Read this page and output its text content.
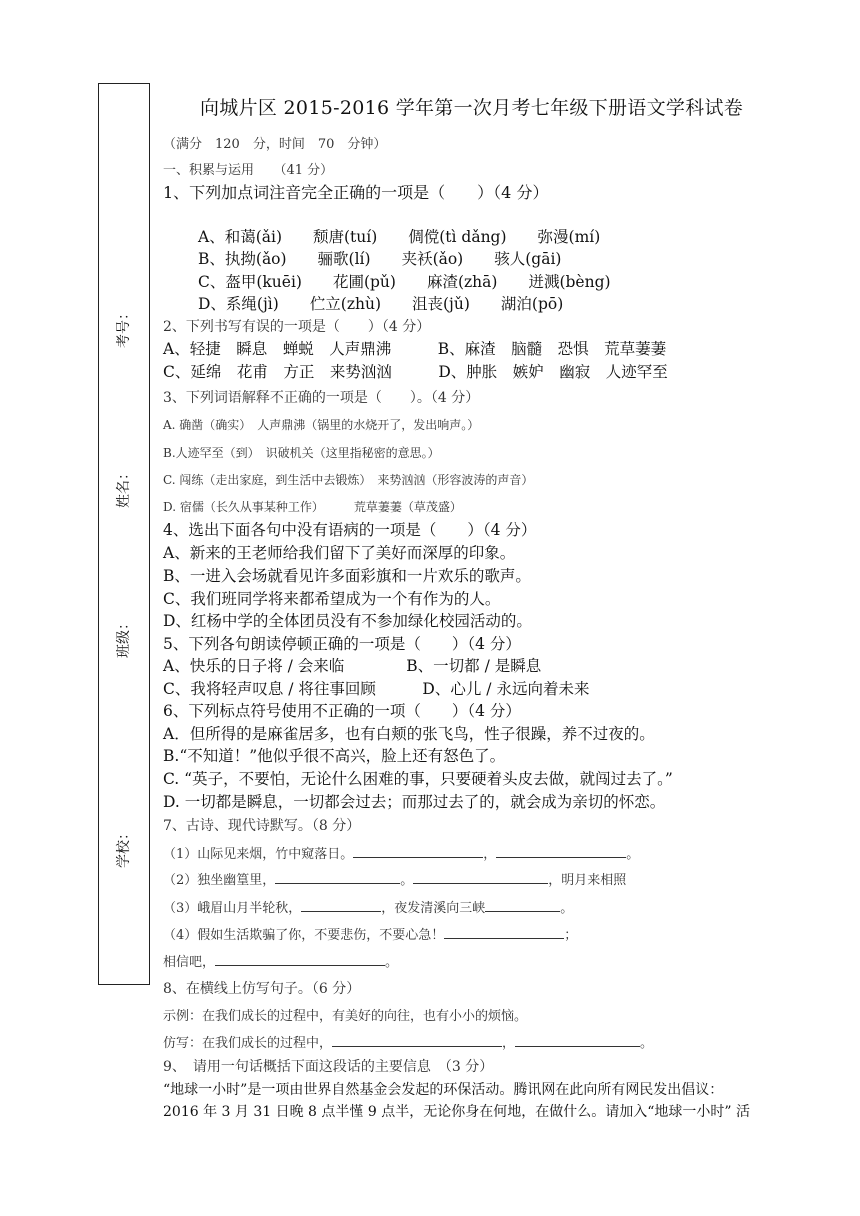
考号：
姓名：
班级：
学校：
向城片区 2015-2016 学年第一次月考七年级下册语文学科试卷
（满分　120　分，时间　70　分钟）
一、积累与运用　　（41 分）
1、下列加点词注音完全正确的一项是（　　）（4 分）
A、和蔼(ǎi)　　颓唐(tuí)　　倜傥(tì dǎng)　　弥漫(mí)
B、执拗(ǎo)　　骊歌(lí)　　夹袄(ǎo)　　骇人(gāi)
C、盔甲(kuēi)　　花圃(pǔ)　　麻渣(zhā)　　迸溅(bèng)
D、系绳(jì)　　伫立(zhù)　　沮丧(jǔ)　　湖泊(pō)
2、下列书写有误的一项是（　　）（4 分）
A、轻捷　瞬息　蝉蜕　人声鼎沸　　　B、麻渣　脑髓　恐惧　荒草萋萋
C、延绵　花甫　方正　来势汹汹　　　D、肿胀　嫉妒　幽寂　人迹罕至
3、下列词语解释不正确的一项是（　　）。（4 分）
A. 确凿（确实）　人声鼎沸（锅里的水烧开了，发出响声。）
B.人迹罕至（到）　识破机关（这里指秘密的意思。）
C. 闯练（走出家庭，到生活中去锻炼）　来势汹汹（形容波涛的声音）
D. 宿儒（长久从事某种工作）　　　荒草萋萋（草茂盛）
4、选出下面各句中没有语病的一项是（　　）（4 分）
A、新来的王老师给我们留下了美好而深厚的印象。
B、一进入会场就看见许多面彩旗和一片欢乐的歌声。
C、我们班同学将来都希望成为一个有作为的人。
D、红杨中学的全体团员没有不参加绿化校园活动的。
5、下列各句朗读停顿正确的一项是（　　）（4 分）
A、快乐的日子将 / 会来临　　　　B、一切都 / 是瞬息
C、我将轻声叹息 / 将往事回顾　　　D、心儿 / 永远向着未来
6、下列标点符号使用不正确的一项（　　）（4 分）
A．但所得的是麻雀居多，也有白颊的张飞鸟，性子很躁，养不过夜的。
B.“不知道！”他似乎很不高兴，脸上还有怒色了。
C. “英子，不要怕，无论什么困难的事，只要硬着头皮去做，就闯过去了。”
D. 一切都是瞬息，一切都会过去；而那过去了的，就会成为亲切的怀恋。
7、古诗、现代诗默写。（8 分）
（1）山际见来烟，竹中窥落日。	，	。
（2）独坐幽篁里，	。	，明月来相照
（3）峨眉山月半轮秋，	，夜发清溪向三峡	。
（4）假如生活欺骗了你，不要悲伤，不要心急！	；
相信吧，	。
8、在横线上仿写句子。（6 分）
示例：在我们成长的过程中，有美好的向往，也有小小的烦恼。
仿写：在我们成长的过程中，	，	。
9、　请用一句话概括下面这段话的主要信息　（3 分）
“地球一小时”是一项由世界自然基金会发起的环保活动。腾讯网在此向所有网民发出倡议：
2016 年 3 月 31 日晚 8 点半慬 9 点半，无论你身在何地，在做什么。请加入“地球一小时” 活
